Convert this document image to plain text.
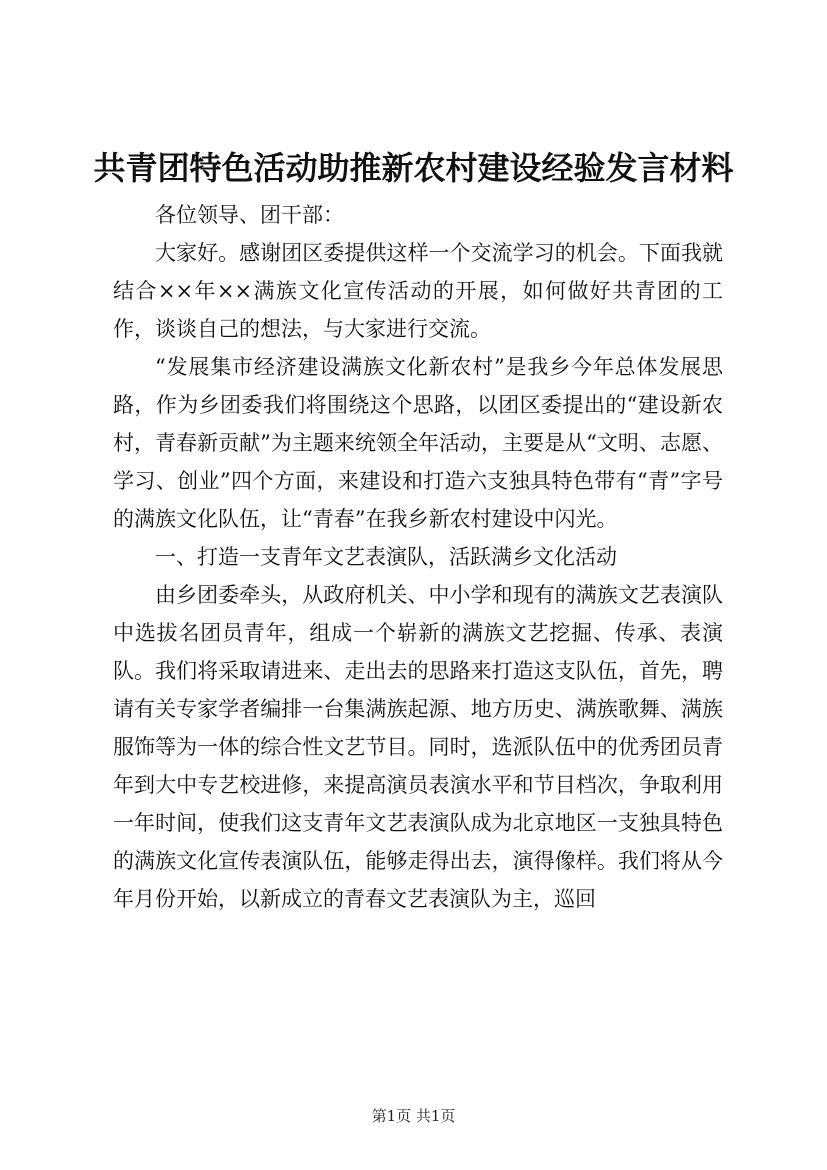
共青团特色活动助推新农村建设经验发言材料

各位领导、团干部：

大家好。感谢团区委提供这样一个交流学习的机会。下面我就结合××年××满族文化宣传活动的开展，如何做好共青团的工作，谈谈自己的想法，与大家进行交流。

“发展集市经济建设满族文化新农村”是我乡今年总体发展思路，作为乡团委我们将围绕这个思路，以团区委提出的“建设新农村，青春新贡献”为主题来统领全年活动，主要是从“文明、志愿、学习、创业”四个方面，来建设和打造六支独具特色带有“青”字号的满族文化队伍，让“青春”在我乡新农村建设中闪光。

一、打造一支青年文艺表演队，活跃满乡文化活动

由乡团委牵头，从政府机关、中小学和现有的满族文艺表演队中选拔名团员青年，组成一个崭新的满族文艺挖掘、传承、表演队。我们将采取请进来、走出去的思路来打造这支队伍，首先，聘请有关专家学者编排一台集满族起源、地方历史、满族歌舞、满族服饰等为一体的综合性文艺节目。同时，选派队伍中的优秀团员青年到大中专艺校进修，来提高演员表演水平和节目档次，争取利用一年时间，使我们这支青年文艺表演队成为北京地区一支独具特色的满族文化宣传表演队伍，能够走得出去，演得像样。我们将从今年月份开始，以新成立的青春文艺表演队为主，巡回

第1页 共1页
